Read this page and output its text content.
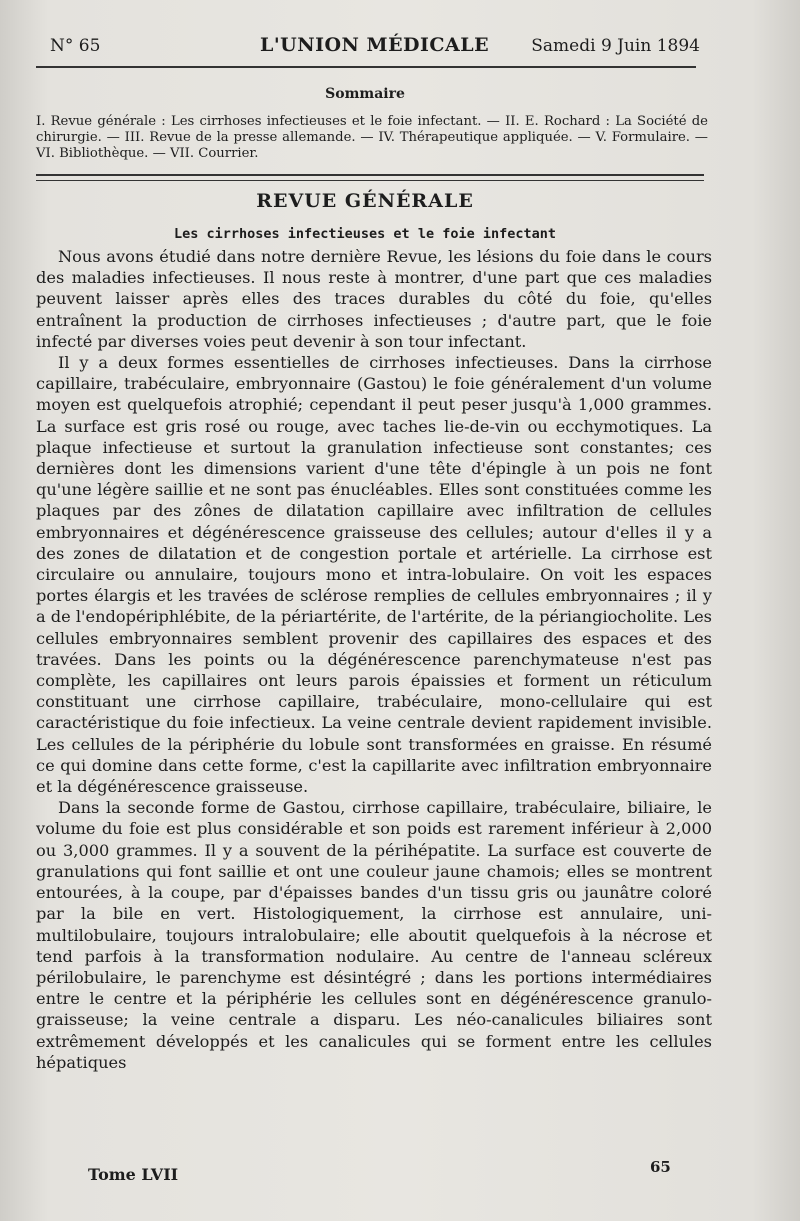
N° 65	L'UNION MÉDICALE Samedi 9 Juin 1894
Sommaire
I. Revue générale : Les cirrhoses infectieuses et le foie infectant. — II. E. Rochard : La Société de chirurgie. — III. Revue de la presse allemande. — IV. Thérapeutique appliquée. — V. Formulaire. — VI. Bibliothèque. — VII. Courrier.
REVUE GÉNÉRALE
Les cirrhoses infectieuses et le foie infectant

Nous avons étudié dans notre dernière Revue, les lésions du foie dans le cours des maladies infectieuses. Il nous reste à montrer, d'une part que ces maladies peuvent laisser après elles des traces durables du côté du foie, qu'elles entraînent la production de cirrhoses infectieuses ; d'autre part, que le foie infecté par diverses voies peut devenir à son tour infectant.

Il y a deux formes essentielles de cirrhoses infectieuses. Dans la cirrhose capillaire, trabéculaire, embryonnaire (Gastou) le foie généralement d'un volume moyen est quelquefois atrophié; cependant il peut peser jusqu'à 1,000 grammes. La surface est gris rosé ou rouge, avec taches lie-de-vin ou ecchymotiques. La plaque infectieuse et surtout la granulation infectieuse sont constantes; ces dernières dont les dimensions varient d'une tête d'épingle à un pois ne font qu'une légère saillie et ne sont pas énucléables. Elles sont constituées comme les plaques par des zônes de dilatation capillaire avec infiltration de cellules embryonnaires et dégénérescence graisseuse des cellules; autour d'elles il y a des zones de dilatation et de congestion portale et artérielle. La cirrhose est circulaire ou annulaire, toujours mono et intra-lobulaire. On voit les espaces portes élargis et les travées de sclérose remplies de cellules embryonnaires ; il y a de l'endopériphlébite, de la périartérite, de l'artérite, de la périangiocholite. Les cellules embryonnaires semblent provenir des capillaires des espaces et des travées. Dans les points ou la dégénérescence parenchymateuse n'est pas complète, les capillaires ont leurs parois épaissies et forment un réticulum constituant une cirrhose capillaire, trabéculaire, mono-cellulaire qui est caractéristique du foie infectieux. La veine centrale devient rapidement invisible. Les cellules de la périphérie du lobule sont transformées en graisse. En résumé ce qui domine dans cette forme, c'est la capillarite avec infiltration embryonnaire et la dégénérescence graisseuse.

Dans la seconde forme de Gastou, cirrhose capillaire, trabéculaire, biliaire, le volume du foie est plus considérable et son poids est rarement inférieur à 2,000 ou 3,000 grammes. Il y a souvent de la périhépatite. La surface est couverte de granulations qui font saillie et ont une couleur jaune chamois; elles se montrent entourées, à la coupe, par d'épaisses bandes d'un tissu gris ou jaunâtre coloré par la bile en vert. Histologiquement, la cirrhose est annulaire, uni-multilobulaire, toujours intralobulaire; elle aboutit quelquefois à la nécrose et tend parfois à la transformation nodulaire. Au centre de l'anneau scléreux périlobulaire, le parenchyme est désintégré ; dans les portions intermédiaires entre le centre et la périphérie les cellules sont en dégénérescence granulo-graisseuse; la veine centrale a disparu. Les néo-canalicules biliaires sont extrêmement développés et les canalicules qui se forment entre les cellules hépatiques

Tome LVII	65
